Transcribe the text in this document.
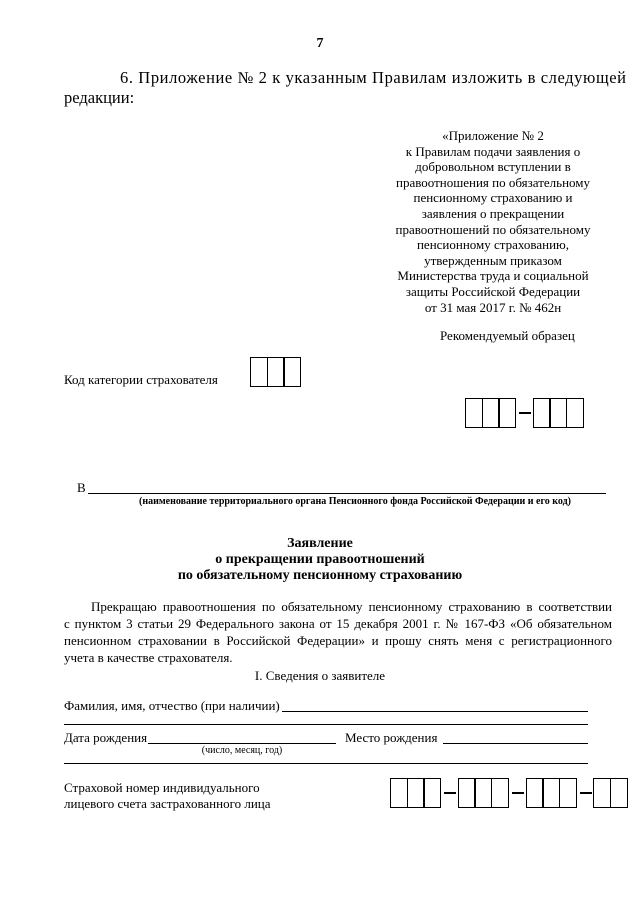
7
6. Приложение № 2 к указанным Правилам изложить в следующей
редакции:
«Приложение № 2
к Правилам подачи заявления о
добровольном вступлении в
правоотношения по обязательному
пенсионному страхованию и
заявления о прекращении
правоотношений по обязательному
пенсионному страхованию,
утвержденным приказом
Министерства труда и социальной
защиты Российской Федерации
от 31 мая 2017 г. № 462н
Рекомендуемый образец
Код категории страхователя
В
(наименование территориального органа Пенсионного фонда Российской Федерации и его код)
Заявление
о прекращении правоотношений
по обязательному пенсионному страхованию
Прекращаю правоотношения по обязательному пенсионному страхованию в соответствии
с пунктом 3 статьи 29 Федерального закона от 15 декабря 2001 г. № 167-ФЗ «Об обязательном
пенсионном страховании в Российской Федерации» и прошу снять меня с регистрационного
учета в качестве страхователя.
I. Сведения о заявителе
Фамилия, имя, отчество (при наличии)
Дата рождения
(число, месяц, год)
Место рождения
Страховой номер индивидуального
лицевого счета застрахованного лица
